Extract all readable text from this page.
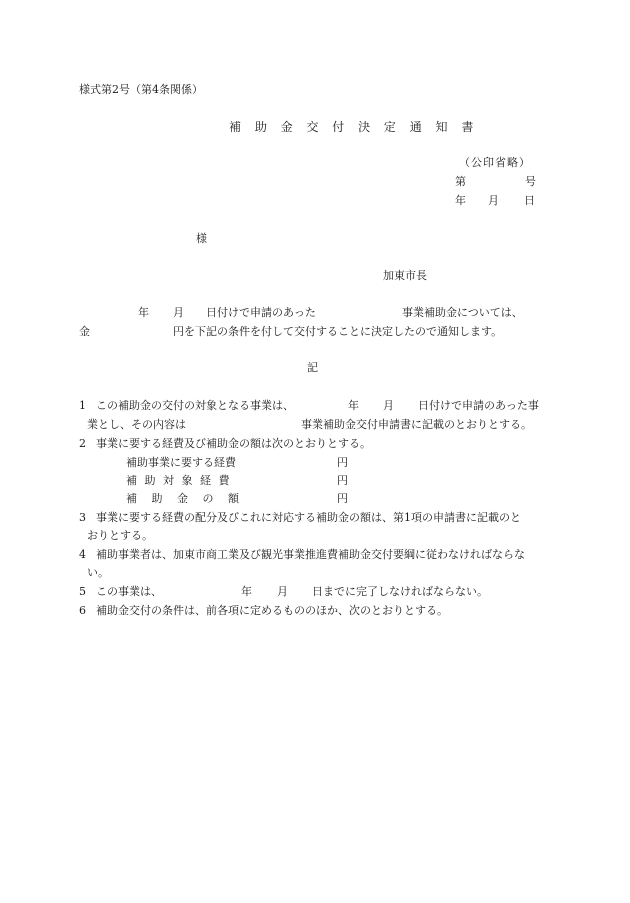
様式第2号（第4条関係）
補 助 金 交 付 決 定 通 知 書
（公印省略）
第	号
年 月 日
様
加東市長
年 月 日付けで申請のあった	事業補助金については、
金	円を下記の条件を付して交付することに決定したので通知します。
記
1 この補助金の交付の対象となる事業は、	年 月 日付けで申請のあった事
業とし、その内容は	事業補助金交付申請書に記載のとおりとする。
2 事業に要する経費及び補助金の額は次のとおりとする。
補助事業に要する経費	円
補 助 対 象 経 費	円
補 　助 　金 　の 　額	円
3 事業に要する経費の配分及びこれに対応する補助金の額は、第1項の申請書に記載のと
おりとする。
4 補助事業者は、加東市商工業及び観光事業推進費補助金交付要綱に従わなければならな
い。
5 この事業は、	年 月 日までに完了しなければならない。
6 補助金交付の条件は、前各項に定めるもののほか、次のとおりとする。
